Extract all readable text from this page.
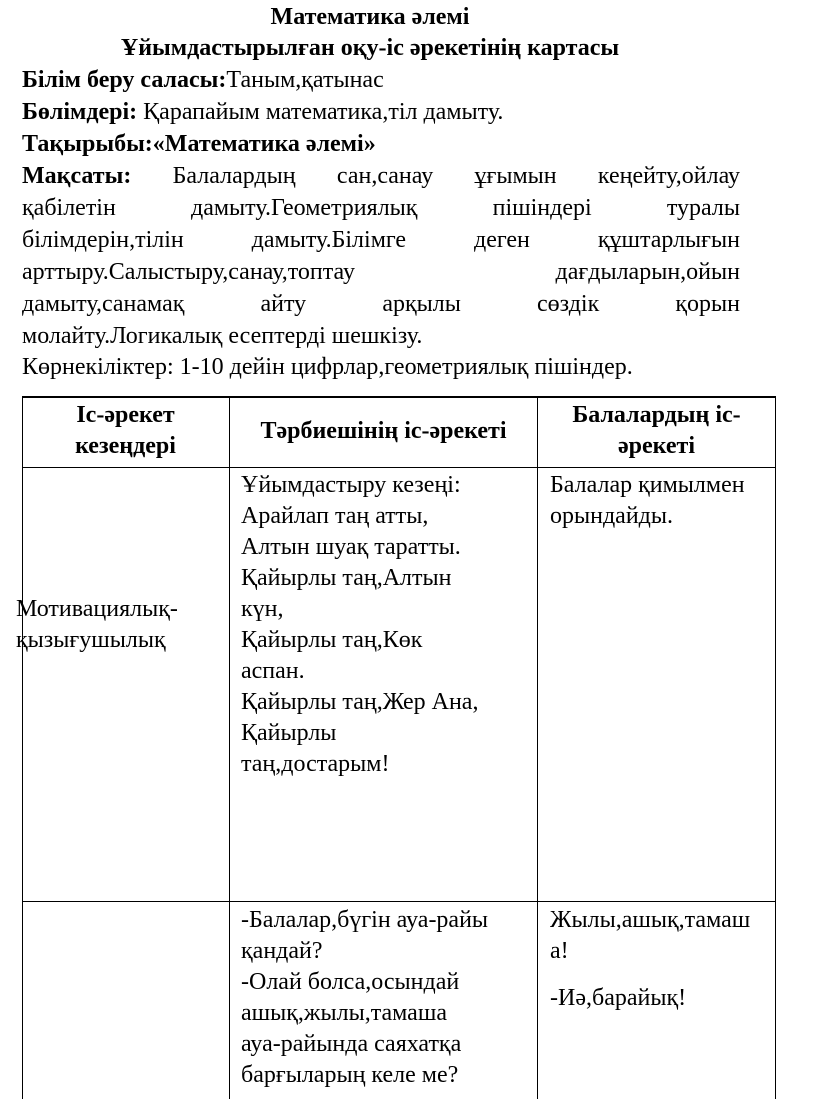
Математика әлемі
Ұйымдастырылған оқу-іс әрекетінің картасы
Білім беру саласы:Таным,қатынас
Бөлімдері: Қарапайым математика,тіл дамыту.
Тақырыбы:«Математика әлемі»
Мақсаты: Балалардың сан,санау ұғымын кеңейту,ойлау
қабілетін дамыту.Геометриялық пішіндері туралы
білімдерін,тілін дамыту.Білімге деген құштарлығын
арттыру.Салыстыру,санау,топтау дағдыларын,ойын
дамыту,санамақ айту арқылы сөздік қорын
молайту.Логикалық есептерді шешкізу.
Көрнекіліктер: 1-10 дейін цифрлар,геометриялық пішіндер.
Іс-әрекет
кезеңдері
Тәрбиешінің іс-әрекеті
Балалардың іс-
әрекеті
Мотивациялық-
қызығушылық
Ұйымдастыру кезеңі:
Арайлап таң атты,
Алтын шуақ таратты.
Қайырлы таң,Алтын
күн,
Қайырлы таң,Көк
аспан.
Қайырлы таң,Жер Ана,
Қайырлы
таң,достарым!
Балалар қимылмен
орындайды.
-Балалар,бүгін ауа-райы
қандай?
-Олай болса,осындай
ашық,жылы,тамаша
ауа-райында саяхатқа
барғыларың келе ме?
Жылы,ашық,тамаш
а!
-Иә,барайық!
